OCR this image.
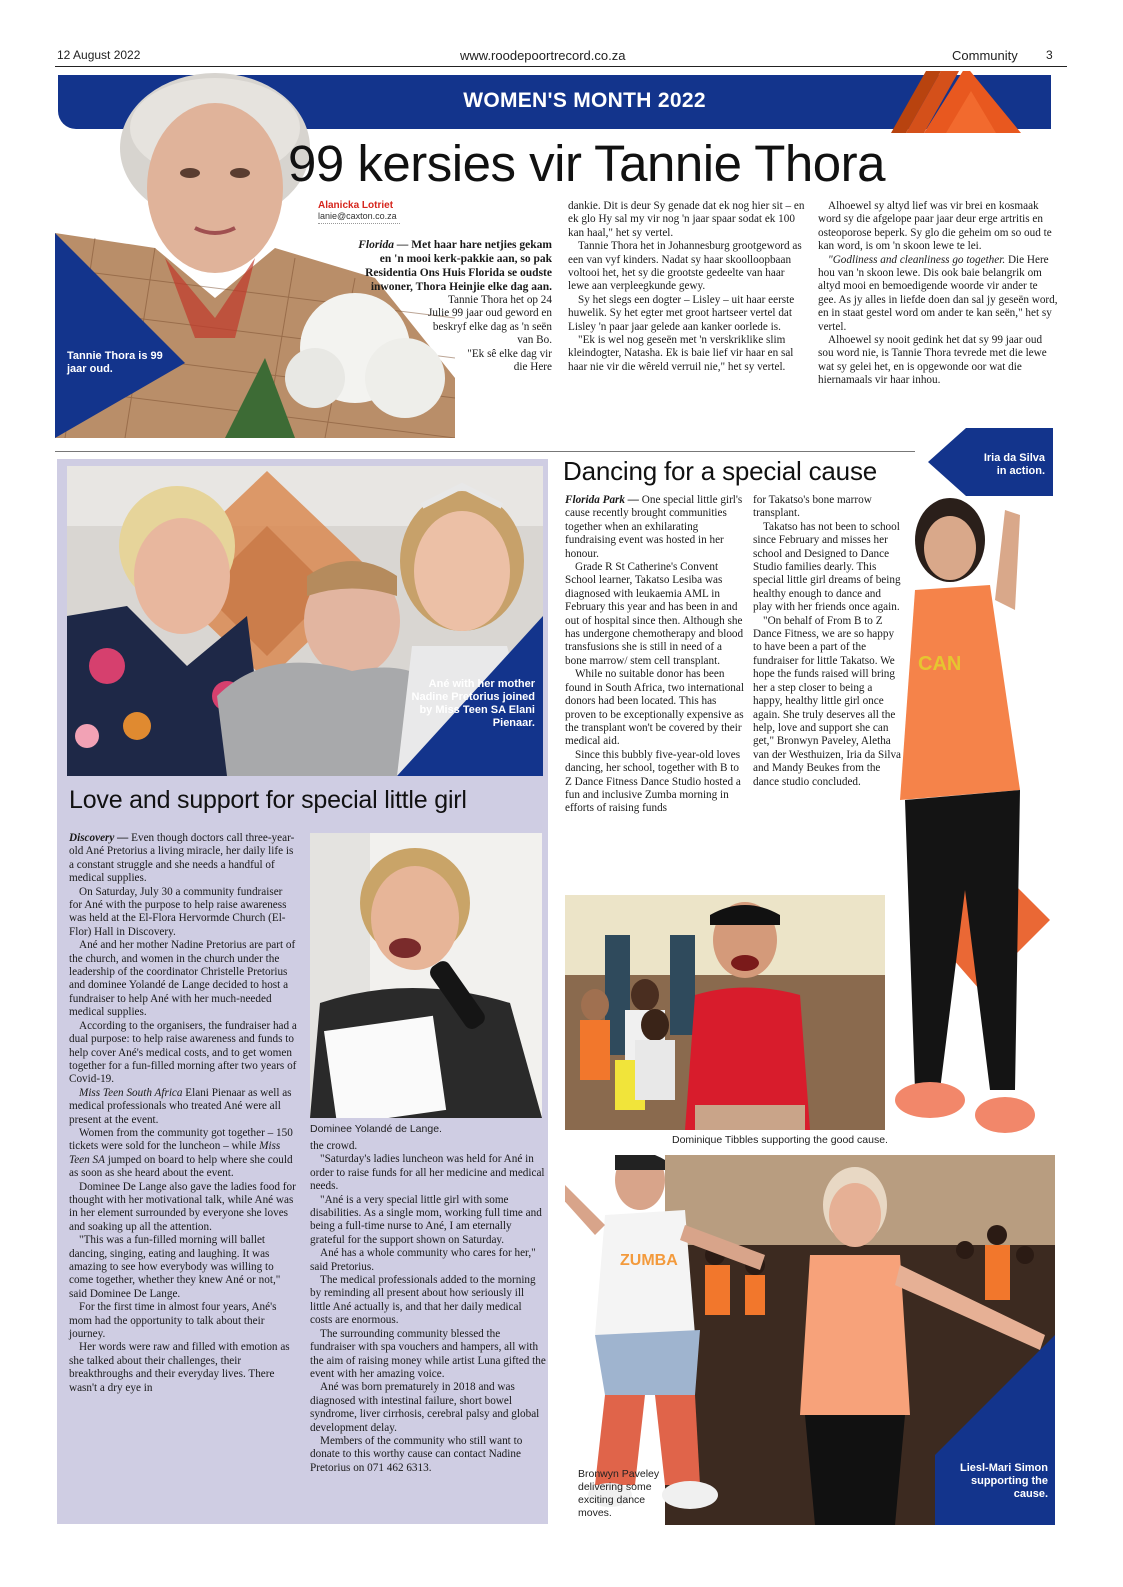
12 August 2022	www.roodepoortrecord.co.za	Community 3
WOMEN'S MONTH 2022
Tannie Thora is 99 jaar oud.
99 kersies vir Tannie Thora
Alanicka Lotriet
lanie@caxton.co.za

Florida — Met haar hare netjies gekam en 'n mooi kerk-pakkie aan, so pak Residentia Ons Huis Florida se oudste inwoner, Thora Heinjie elke dag aan.

Tannie Thora het op 24 Julie 99 jaar oud geword en beskryf elke dag as 'n seën van Bo.

"Ek sê elke dag vir die Here

dankie. Dit is deur Sy genade dat ek nog hier sit – en ek glo Hy sal my vir nog 'n jaar spaar sodat ek 100 kan haal," het sy vertel.

Tannie Thora het in Johannesburg grootgeword as een van vyf kinders. Nadat sy haar skoolloopbaan voltooi het, het sy die grootste gedeelte van haar lewe aan verpleegkunde gewy.

Sy het slegs een dogter – Lisley – uit haar eerste huwelik. Sy het egter met groot hartseer vertel dat Lisley 'n paar jaar gelede aan kanker oorlede is.

"Ek is wel nog geseën met 'n verskriklike slim kleindogter, Natasha. Ek is baie lief vir haar en sal haar nie vir die wêreld verruil nie," het sy vertel.

Alhoewel sy altyd lief was vir brei en kosmaak word sy die afgelope paar jaar deur erge artritis en osteoporose beperk. Sy glo die geheim om so oud te kan word, is om 'n skoon lewe te lei.

"Godliness and cleanliness go together. Die Here hou van 'n skoon lewe. Dis ook baie belangrik om altyd mooi en bemoedigende woorde vir ander te gee. As jy alles in liefde doen dan sal jy geseën word, en in staat gestel word om ander te kan seën," het sy vertel.

Alhoewel sy nooit gedink het dat sy 99 jaar oud sou word nie, is Tannie Thora tevrede met die lewe wat sy gelei het, en is opgewonde oor wat die hiernamaals vir haar inhou.

Ané with her mother Nadine Pretorius joined by Miss Teen SA Elani Pienaar.
Love and support for special little girl

Discovery — Even though doctors call three-year-old Ané Pretorius a living miracle, her daily life is a constant struggle and she needs a handful of medical supplies.

On Saturday, July 30 a community fundraiser for Ané with the purpose to help raise awareness was held at the El-Flora Hervormde Church (El-Flor) Hall in Discovery.

Ané and her mother Nadine Pretorius are part of the church, and women in the church under the leadership of the coordinator Christelle Pretorius and dominee Yolandé de Lange decided to host a fundraiser to help Ané with her much-needed medical supplies.

According to the organisers, the fundraiser had a dual purpose: to help raise awareness and funds to help cover Ané's medical costs, and to get women together for a fun-filled morning after two years of Covid-19.

Miss Teen South Africa Elani Pienaar as well as medical professionals who treated Ané were all present at the event.

Women from the community got together – 150 tickets were sold for the luncheon – while Miss Teen SA jumped on board to help where she could as soon as she heard about the event.

Dominee De Lange also gave the ladies food for thought with her motivational talk, while Ané was in her element surrounded by everyone she loves and soaking up all the attention.

"This was a fun-filled morning will ballet dancing, singing, eating and laughing. It was amazing to see how everybody was willing to come together, whether they knew Ané or not," said Dominee De Lange.

For the first time in almost four years, Ané's mom had the opportunity to talk about their journey.

Her words were raw and filled with emotion as she talked about their challenges, their breakthroughs and their everyday lives. There wasn't a dry eye in

Dominee Yolandé de Lange.

the crowd.

"Saturday's ladies luncheon was held for Ané in order to raise funds for all her medicine and medical needs.

"Ané is a very special little girl with some disabilities. As a single mom, working full time and being a full-time nurse to Ané, I am eternally grateful for the support shown on Saturday.

Ané has a whole community who cares for her," said Pretorius.

The medical professionals added to the morning by reminding all present about how seriously ill little Ané actually is, and that her daily medical costs are enormous.

The surrounding community blessed the fundraiser with spa vouchers and hampers, all with the aim of raising money while artist Luna gifted the event with her amazing voice.

Ané was born prematurely in 2018 and was diagnosed with intestinal failure, short bowel syndrome, liver cirrhosis, cerebral palsy and global development delay.

Members of the community who still want to donate to this worthy cause can contact Nadine Pretorius on 071 462 6313.

Dancing for a special cause	Iria da Silva in action.
CAN

Florida Park — One special little girl's cause recently brought communities together when an exhilarating fundraising event was hosted in her honour.

Grade R St Catherine's Convent School learner, Takatso Lesiba was diagnosed with leukaemia AML in February this year and has been in and out of hospital since then. Although she has undergone chemotherapy and blood transfusions she is still in need of a bone marrow/ stem cell transplant.

While no suitable donor has been found in South Africa, two international donors had been located. This has proven to be exceptionally expensive as the transplant won't be covered by their medical aid.

Since this bubbly five-year-old loves dancing, her school, together with B to Z Dance Fitness Dance Studio hosted a fun and inclusive Zumba morning in efforts of raising funds

for Takatso's bone marrow transplant.

Takatso has not been to school since February and misses her school and Designed to Dance Studio families dearly. This special little girl dreams of being healthy enough to dance and play with her friends once again.

"On behalf of From B to Z Dance Fitness, we are so happy to have been a part of the fundraiser for little Takatso. We hope the funds raised will bring her a step closer to being a happy, healthy little girl once again. She truly deserves all the help, love and support she can get," Bronwyn Paveley, Aletha van der Westhuizen, Iria da Silva and Mandy Beukes from the dance studio concluded.

Dominique Tibbles supporting the good cause.
ZUMBA
Bronwyn Paveley delivering some exciting dance moves.
Liesl-Mari Simon supporting the cause.
